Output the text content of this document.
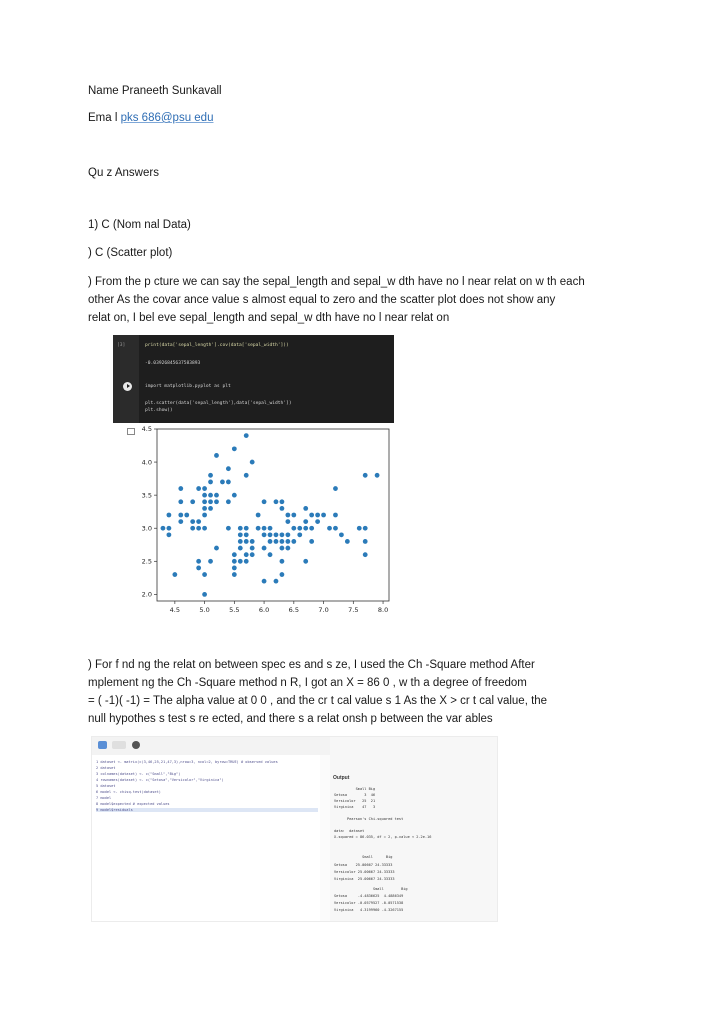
Name Praneeth Sunkavall
Ema l pks 686@psu edu
Qu z Answers
1) C (Nom nal Data)
) C (Scatter plot)
) From the p cture we can say the sepal_length and sepal_w dth have no l near relat on w th each
other As the covar ance value s almost equal to zero and the scatter plot does not show any
relat on, I bel eve sepal_length and sepal_w dth have no l near relat on
[3]	print(data['sepal_length'].cov(data['sepal_width']))
-0.03926845637583893
import matplotlib.pyplot as plt
plt.scatter(data['sepal_length'],data['sepal_width'])
plt.show()
4.5	5.0	5.5	6.0	6.5	7.0	7.5	8.0
2.0
2.5
3.0
3.5
4.0
4.5
) For f nd ng the relat on between spec es and s ze, I used the Ch -Square method After
mplement ng the Ch -Square method n R, I got an X = 86 0 , w th a degree of freedom
= ( -1)( -1) = The alpha value at 0 0 , and the cr t cal value s 1 As the X > cr t cal value, the
null hypothes s test s re ected, and there s a relat onsh p between the var ables
1 dataset <- matrix(c(3,46,25,21,47,3),nrow=3, ncol=2, byrow=TRUE) # observed values
2 dataset
3 colnames(dataset) <- c("Small","Big")
4 rownames(dataset) <- c("Setosa","Versicolor","Virginica")
5 dataset
6 model <- chisq.test(dataset)
7 model
8 model$expected # expected values
9 model$residuals
Output
Small Big
Setosa        3  46
Versicolor   25  21
Virginica    47   3
Pearson's Chi-squared test
data:  dataset
X-squared = 86.035, df = 2, p-value < 2.2e-16
Small      Big
Setosa    25.00667 24.33333
Versicolor 25.00667 24.33333
Virginica  25.00667 24.33333
Small        Big
Setosa     -4.4836625  4.4886349
Versicolor -0.0579527 -0.0571538
Virginica   4.3199960 -4.3267155
